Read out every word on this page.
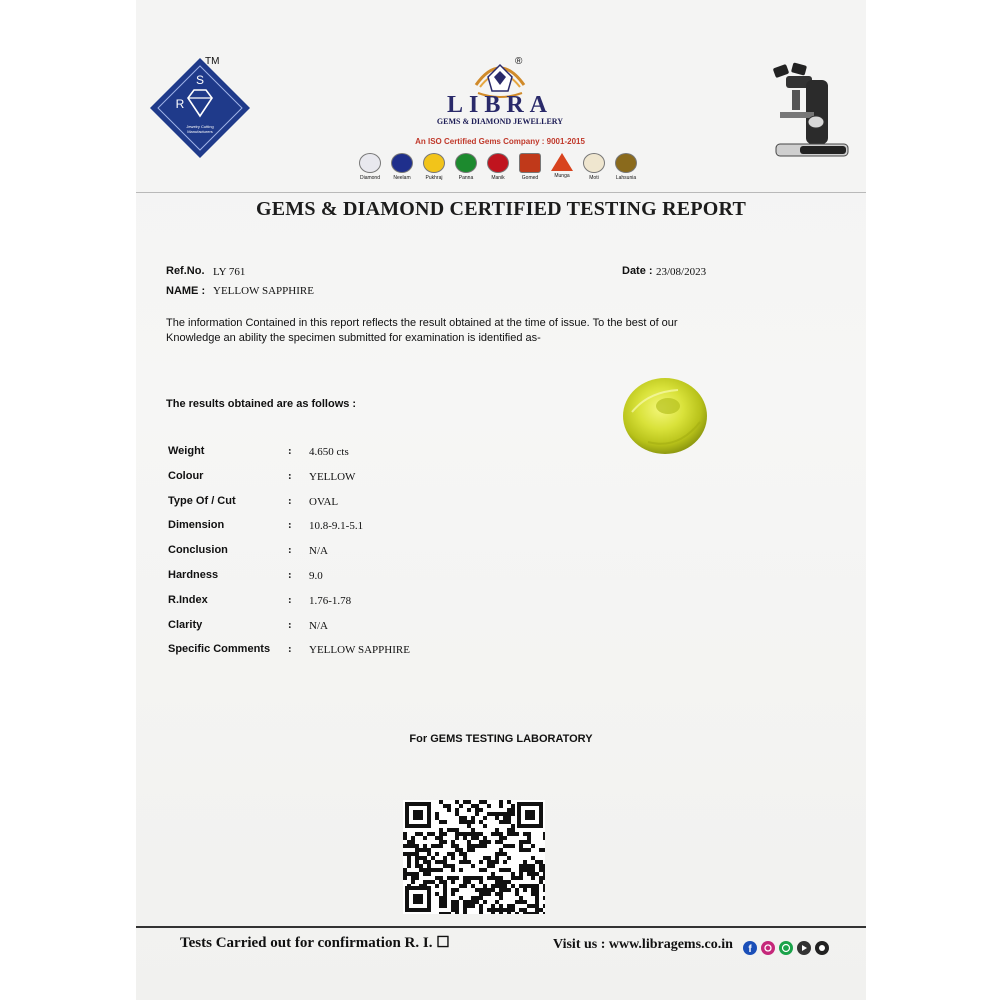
S
R
Jewelry Cutting
Manufacturers
TM	®
LIBRA
GEMS & DIAMOND JEWELLERY
An ISO Certified Gems Company : 9001-2015
Diamond	Neelam	Pukhraj	Panna	Manik	Gomed	Munga	Moti	Lahsunia
GEMS & DIAMOND CERTIFIED TESTING REPORT
Ref.No. LY 761	Date : 23/08/2023
NAME : YELLOW SAPPHIRE
The information Contained in this report reflects the result obtained at the time of issue. To the best of our
Knowledge an ability the specimen submitted for examination is identified as-
The results obtained are as follows :
Weight	: 4.650 cts
Colour	: YELLOW
Type Of / Cut	: OVAL
Dimension	: 10.8-9.1-5.1
Conclusion	: N/A
Hardness	: 9.0
R.Index	: 1.76-1.78
Clarity	: N/A
Specific Comments : YELLOW SAPPHIRE
For GEMS TESTING LABORATORY
Tests Carried out for confirmation R. I. ☐	Visit us : www.libragems.co.in f
